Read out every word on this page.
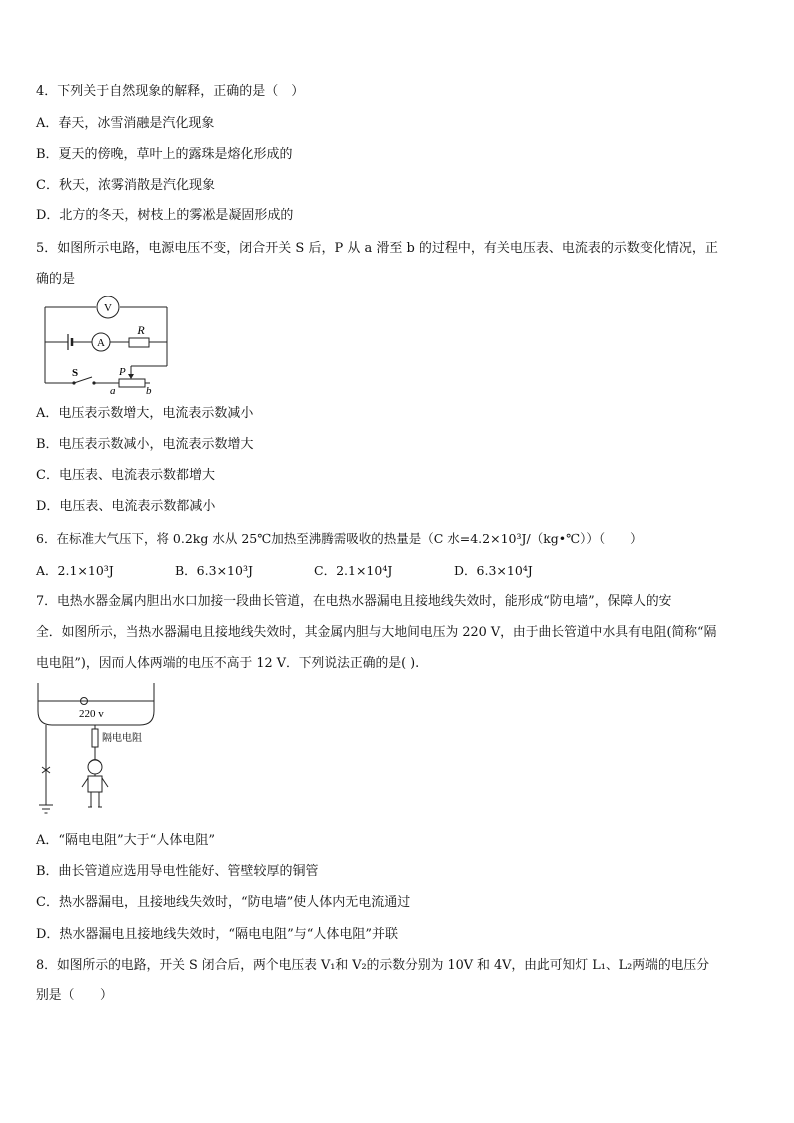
4．下列关于自然现象的解释，正确的是（　）
A．春天，冰雪消融是汽化现象
B．夏天的傍晚，草叶上的露珠是熔化形成的
C．秋天，浓雾消散是汽化现象
D．北方的冬天，树枝上的雾凇是凝固形成的
5．如图所示电路，电源电压不变，闭合开关 S 后，P 从 a 滑至 b 的过程中，有关电压表、电流表的示数变化情况，正
确的是
V
A
R
S	P
a	b
A．电压表示数增大，电流表示数减小
B．电压表示数减小，电流表示数增大
C．电压表、电流表示数都增大
D．电压表、电流表示数都减小
6．在标准大气压下，将 0.2kg 水从 25℃加热至沸腾需吸收的热量是（C 水=4.2×10³J/（kg•℃））（　　）
A．2.1×10³J	B．6.3×10³J	C．2.1×10⁴J	D．6.3×10⁴J
7．电热水器金属内胆出水口加接一段曲长管道，在电热水器漏电且接地线失效时，能形成“防电墙”，保障人的安
全．如图所示，当热水器漏电且接地线失效时，其金属内胆与大地间电压为 220 V，由于曲长管道中水具有电阻(简称“隔
电电阻”)，因而人体两端的电压不高于 12 V．下列说法正确的是( ).
220 v
隔电电阻
A．“隔电电阻”大于“人体电阻”
B．曲长管道应选用导电性能好、管壁较厚的铜管
C．热水器漏电，且接地线失效时，“防电墙”使人体内无电流通过
D．热水器漏电且接地线失效时，“隔电电阻”与“人体电阻”并联
8．如图所示的电路，开关 S 闭合后，两个电压表 V₁和 V₂的示数分别为 10V 和 4V，由此可知灯 L₁、L₂两端的电压分
别是（　　）
